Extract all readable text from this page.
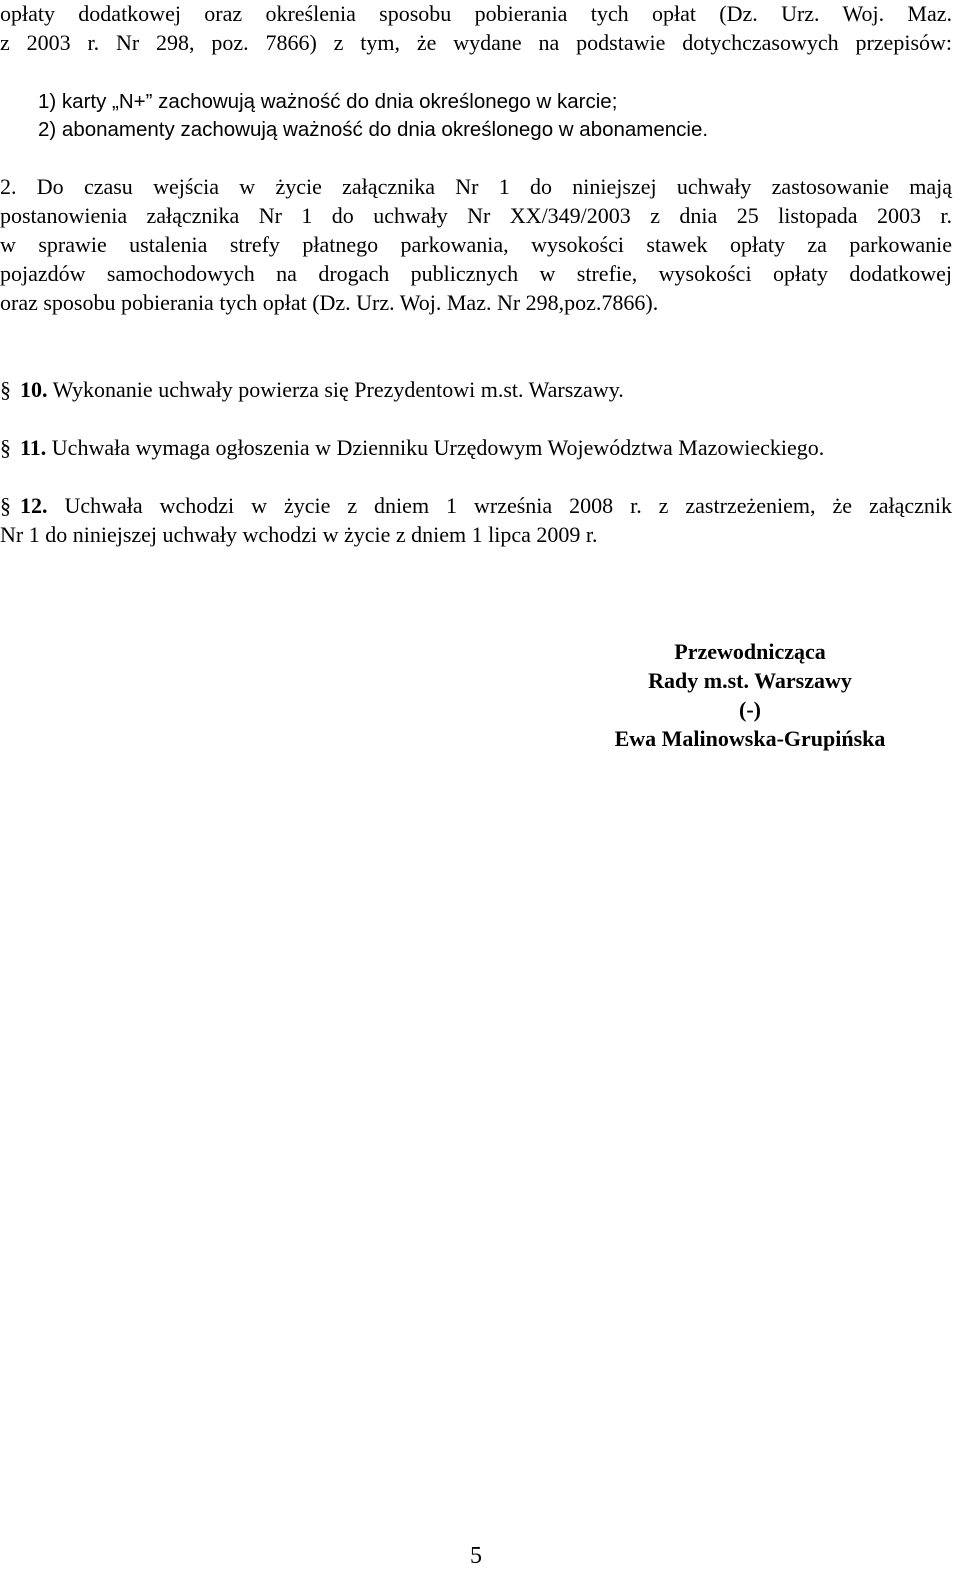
opłaty dodatkowej oraz określenia sposobu pobierania tych opłat (Dz. Urz. Woj. Maz.
z 2003 r. Nr 298, poz. 7866) z tym, że wydane na podstawie dotychczasowych przepisów:
1) karty „N+” zachowują ważność do dnia określonego w karcie;
2) abonamenty zachowują ważność do dnia określonego w abonamencie.
2. Do czasu wejścia w życie załącznika Nr 1 do niniejszej uchwały zastosowanie mają
postanowienia załącznika Nr 1 do uchwały Nr XX/349/2003 z dnia 25 listopada 2003 r.
w sprawie ustalenia strefy płatnego parkowania, wysokości stawek opłaty za parkowanie
pojazdów samochodowych na drogach publicznych w strefie, wysokości opłaty dodatkowej
oraz sposobu pobierania tych opłat (Dz. Urz. Woj. Maz. Nr 298,poz.7866).
§ 10. Wykonanie uchwały powierza się Prezydentowi m.st. Warszawy.
§ 11. Uchwała wymaga ogłoszenia w Dzienniku Urzędowym Województwa Mazowieckiego.
§ 12. Uchwała wchodzi w życie z dniem 1 września 2008 r. z zastrzeżeniem, że załącznik
Nr 1 do niniejszej uchwały wchodzi w życie z dniem 1 lipca 2009 r.
Przewodnicząca
Rady m.st. Warszawy
(-)
Ewa Malinowska-Grupińska
5
